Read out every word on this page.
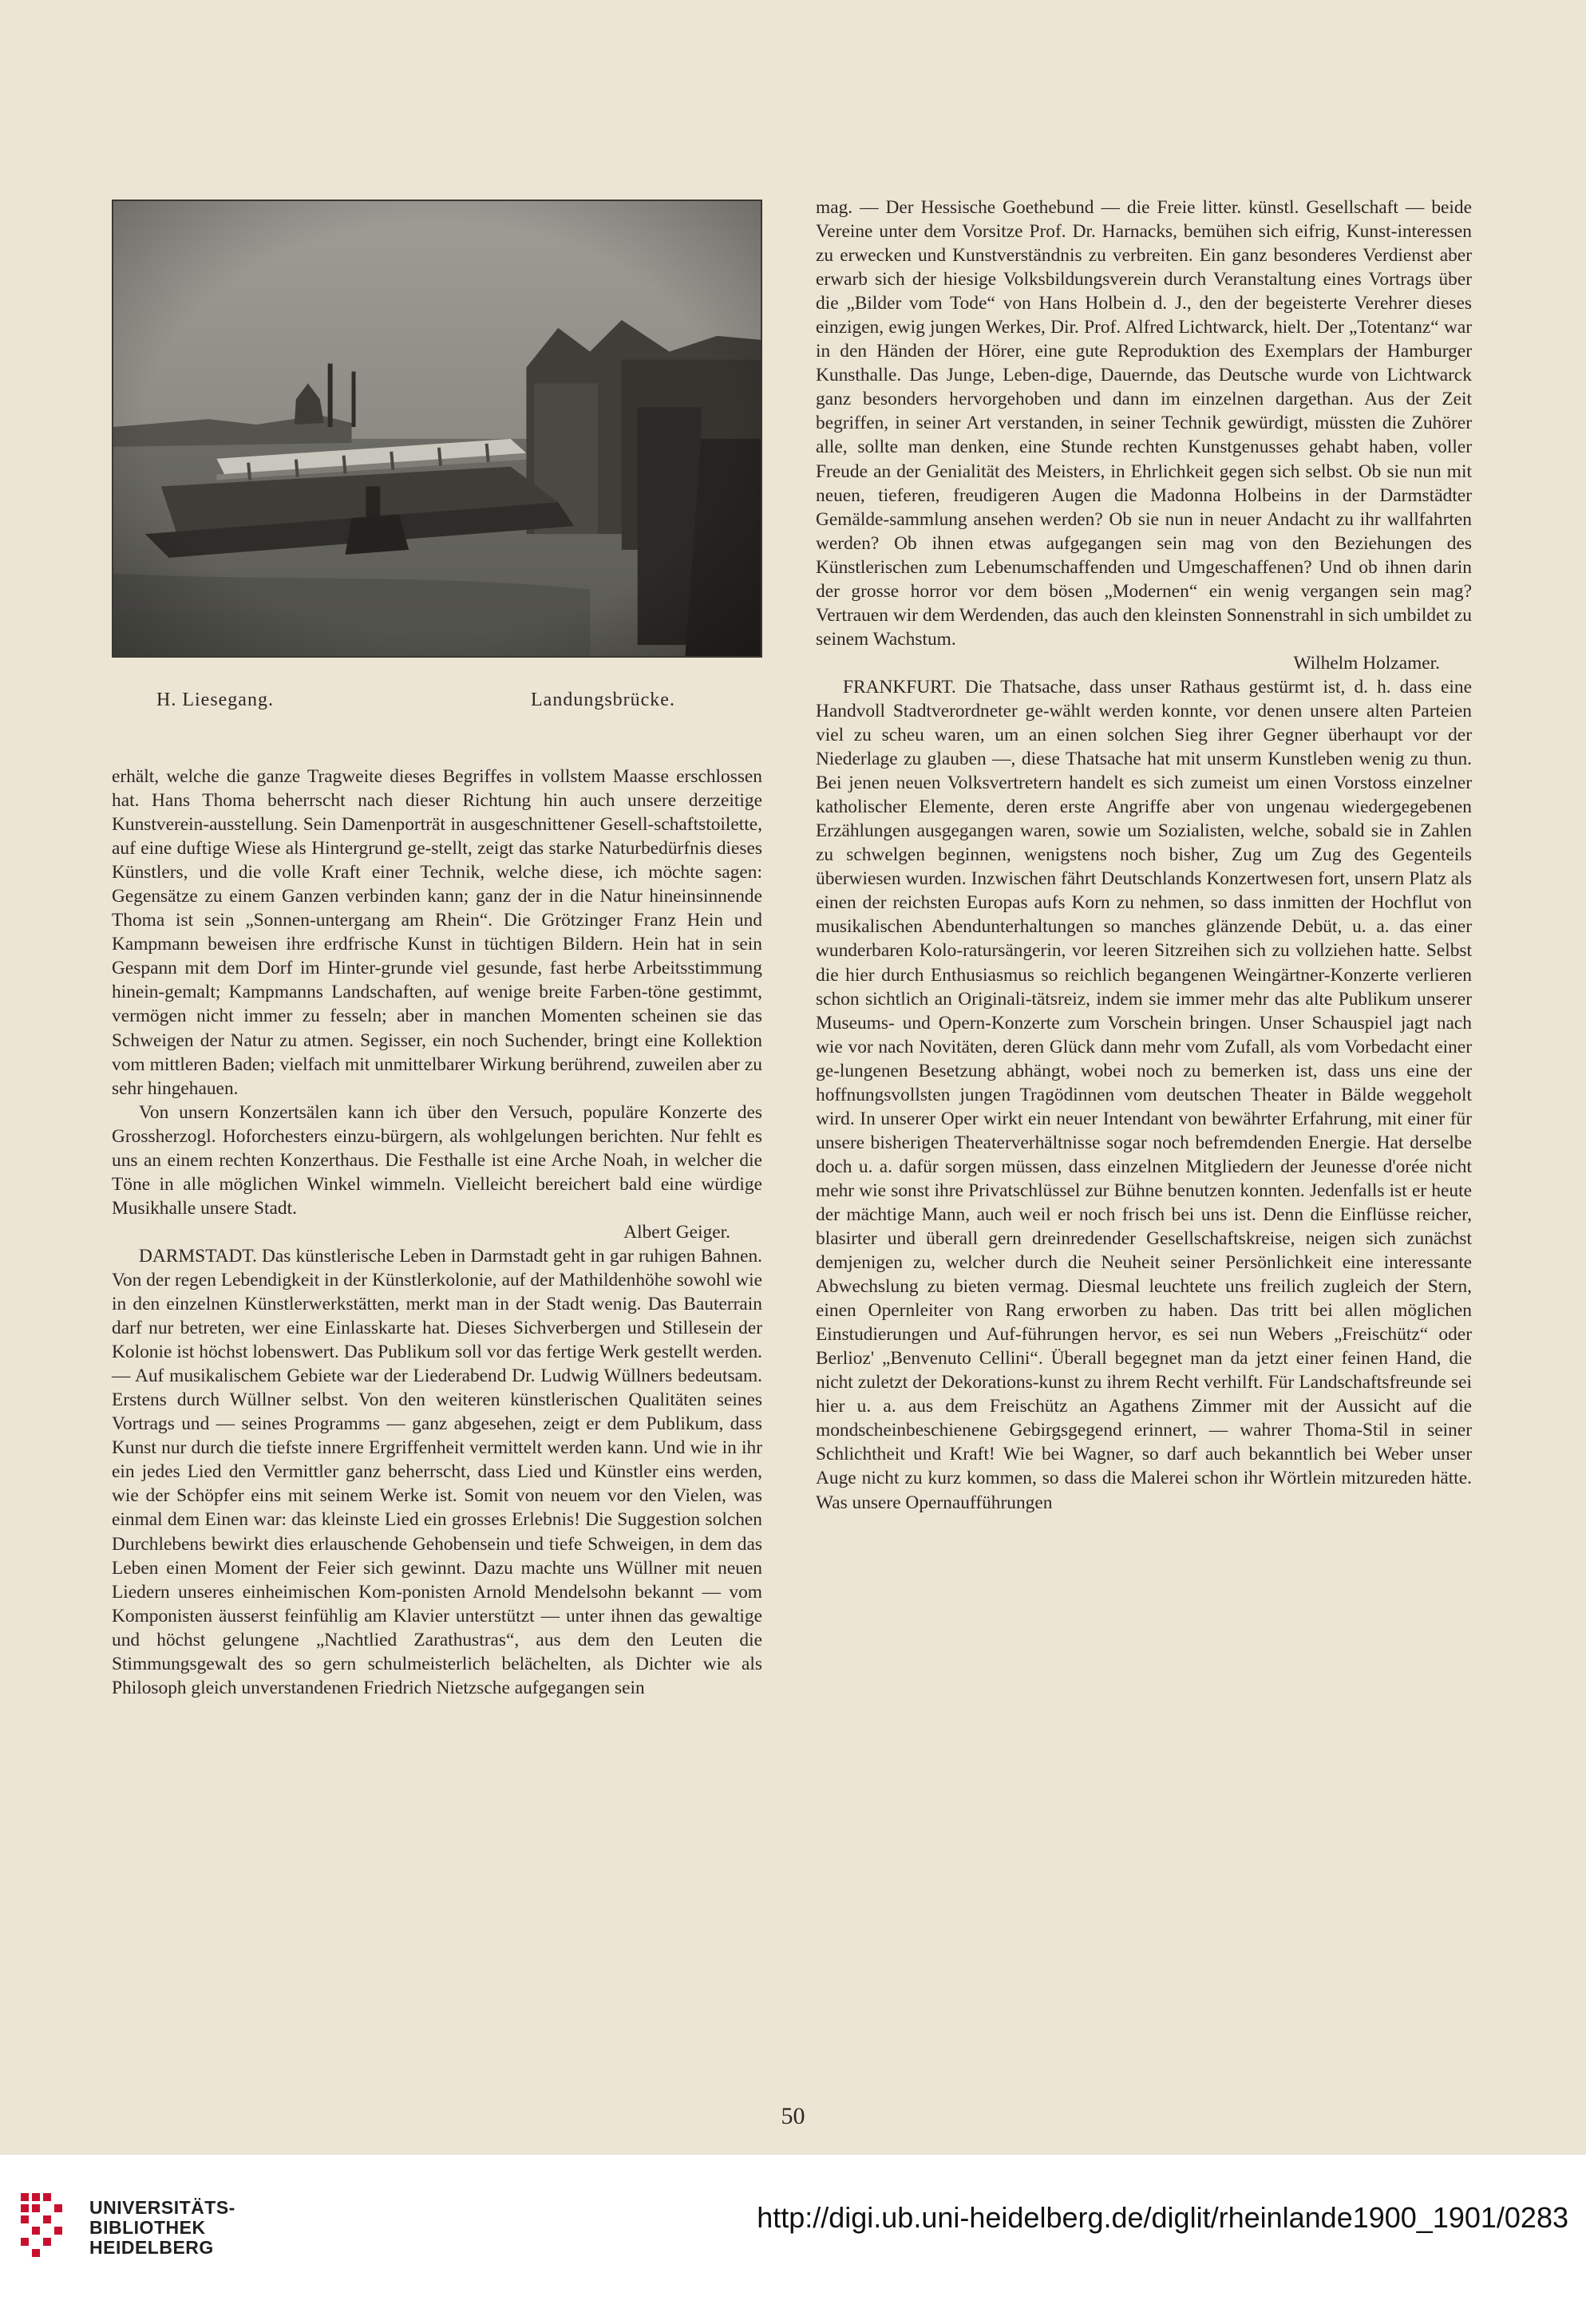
H. Liesegang.	Landungsbrücke.

erhält, welche die ganze Tragweite dieses Begriffes in vollstem Maasse erschlossen hat. Hans Thoma beherrscht nach dieser Richtung hin auch unsere derzeitige Kunstverein-ausstellung. Sein Damenporträt in ausgeschnittener Gesell-schaftstoilette, auf eine duftige Wiese als Hintergrund ge-stellt, zeigt das starke Naturbedürfnis dieses Künstlers, und die volle Kraft einer Technik, welche diese, ich möchte sagen: Gegensätze zu einem Ganzen verbinden kann; ganz der in die Natur hineinsinnende Thoma ist sein „Sonnen-untergang am Rhein“. Die Grötzinger Franz Hein und Kampmann beweisen ihre erdfrische Kunst in tüchtigen Bildern. Hein hat in sein Gespann mit dem Dorf im Hinter-grunde viel gesunde, fast herbe Arbeitsstimmung hinein-gemalt; Kampmanns Landschaften, auf wenige breite Farben-töne gestimmt, vermögen nicht immer zu fesseln; aber in manchen Momenten scheinen sie das Schweigen der Natur zu atmen. Segisser, ein noch Suchender, bringt eine Kollektion vom mittleren Baden; vielfach mit unmittelbarer Wirkung berührend, zuweilen aber zu sehr hingehauen.

Von unsern Konzertsälen kann ich über den Versuch, populäre Konzerte des Grossherzogl. Hoforchesters einzu-bürgern, als wohlgelungen berichten. Nur fehlt es uns an einem rechten Konzerthaus. Die Festhalle ist eine Arche Noah, in welcher die Töne in alle möglichen Winkel wimmeln. Vielleicht bereichert bald eine würdige Musikhalle unsere Stadt.

Albert Geiger.

DARMSTADT. Das künstlerische Leben in Darmstadt geht in gar ruhigen Bahnen. Von der regen Lebendigkeit in der Künstlerkolonie, auf der Mathildenhöhe sowohl wie in den einzelnen Künstlerwerkstätten, merkt man in der Stadt wenig. Das Bauterrain darf nur betreten, wer eine Einlasskarte hat. Dieses Sichverbergen und Stillesein der Kolonie ist höchst lobenswert. Das Publikum soll vor das fertige Werk gestellt werden. — Auf musikalischem Gebiete war der Liederabend Dr. Ludwig Wüllners bedeutsam. Erstens durch Wüllner selbst. Von den weiteren künstlerischen Qualitäten seines Vortrags und — seines Programms — ganz abgesehen, zeigt er dem Publikum, dass Kunst nur durch die tiefste innere Ergriffenheit vermittelt werden kann. Und wie in ihr ein jedes Lied den Vermittler ganz beherrscht, dass Lied und Künstler eins werden, wie der Schöpfer eins mit seinem Werke ist. Somit von neuem vor den Vielen, was einmal dem Einen war: das kleinste Lied ein grosses Erlebnis! Die Suggestion solchen Durchlebens bewirkt dies erlauschende Gehobensein und tiefe Schweigen, in dem das Leben einen Moment der Feier sich gewinnt. Dazu machte uns Wüllner mit neuen Liedern unseres einheimischen Kom-ponisten Arnold Mendelsohn bekannt — vom Komponisten äusserst feinfühlig am Klavier unterstützt — unter ihnen das gewaltige und höchst gelungene „Nachtlied Zarathustras“, aus dem den Leuten die Stimmungsgewalt des so gern schulmeisterlich belächelten, als Dichter wie als Philosoph gleich unverstandenen Friedrich Nietzsche aufgegangen sein

mag. — Der Hessische Goethebund — die Freie litter. künstl. Gesellschaft — beide Vereine unter dem Vorsitze Prof. Dr. Harnacks, bemühen sich eifrig, Kunst-interessen zu erwecken und Kunstverständnis zu verbreiten. Ein ganz besonderes Verdienst aber erwarb sich der hiesige Volksbildungsverein durch Veranstaltung eines Vortrags über die „Bilder vom Tode“ von Hans Holbein d. J., den der begeisterte Verehrer dieses einzigen, ewig jungen Werkes, Dir. Prof. Alfred Lichtwarck, hielt. Der „Totentanz“ war in den Händen der Hörer, eine gute Reproduktion des Exemplars der Hamburger Kunsthalle. Das Junge, Leben-dige, Dauernde, das Deutsche wurde von Lichtwarck ganz besonders hervorgehoben und dann im einzelnen dargethan. Aus der Zeit begriffen, in seiner Art verstanden, in seiner Technik gewürdigt, müssten die Zuhörer alle, sollte man denken, eine Stunde rechten Kunstgenusses gehabt haben, voller Freude an der Genialität des Meisters, in Ehrlichkeit gegen sich selbst. Ob sie nun mit neuen, tieferen, freudigeren Augen die Madonna Holbeins in der Darmstädter Gemälde-sammlung ansehen werden? Ob sie nun in neuer Andacht zu ihr wallfahrten werden? Ob ihnen etwas aufgegangen sein mag von den Beziehungen des Künstlerischen zum Lebenumschaffenden und Umgeschaffenen? Und ob ihnen darin der grosse horror vor dem bösen „Modernen“ ein wenig vergangen sein mag? Vertrauen wir dem Werdenden, das auch den kleinsten Sonnenstrahl in sich umbildet zu seinem Wachstum.

Wilhelm Holzamer.

FRANKFURT. Die Thatsache, dass unser Rathaus gestürmt ist, d. h. dass eine Handvoll Stadtverordneter ge-wählt werden konnte, vor denen unsere alten Parteien viel zu scheu waren, um an einen solchen Sieg ihrer Gegner überhaupt vor der Niederlage zu glauben —, diese Thatsache hat mit unserm Kunstleben wenig zu thun. Bei jenen neuen Volksvertretern handelt es sich zumeist um einen Vorstoss einzelner katholischer Elemente, deren erste Angriffe aber von ungenau wiedergegebenen Erzählungen ausgegangen waren, sowie um Sozialisten, welche, sobald sie in Zahlen zu schwelgen beginnen, wenigstens noch bisher, Zug um Zug des Gegenteils überwiesen wurden. Inzwischen fährt Deutschlands Konzertwesen fort, unsern Platz als einen der reichsten Europas aufs Korn zu nehmen, so dass inmitten der Hochflut von musikalischen Abendunterhaltungen so manches glänzende Debüt, u. a. das einer wunderbaren Kolo-ratursängerin, vor leeren Sitzreihen sich zu vollziehen hatte. Selbst die hier durch Enthusiasmus so reichlich begangenen Weingärtner-Konzerte verlieren schon sichtlich an Originali-tätsreiz, indem sie immer mehr das alte Publikum unserer Museums- und Opern-Konzerte zum Vorschein bringen. Unser Schauspiel jagt nach wie vor nach Novitäten, deren Glück dann mehr vom Zufall, als vom Vorbedacht einer ge-lungenen Besetzung abhängt, wobei noch zu bemerken ist, dass uns eine der hoffnungsvollsten jungen Tragödinnen vom deutschen Theater in Bälde weggeholt wird. In unserer Oper wirkt ein neuer Intendant von bewährter Erfahrung, mit einer für unsere bisherigen Theaterverhältnisse sogar noch befremdenden Energie. Hat derselbe doch u. a. dafür sorgen müssen, dass einzelnen Mitgliedern der Jeunesse d'orée nicht mehr wie sonst ihre Privatschlüssel zur Bühne benutzen konnten. Jedenfalls ist er heute der mächtige Mann, auch weil er noch frisch bei uns ist. Denn die Einflüsse reicher, blasirter und überall gern dreinredender Gesellschaftskreise, neigen sich zunächst demjenigen zu, welcher durch die Neuheit seiner Persönlichkeit eine interessante Abwechslung zu bieten vermag. Diesmal leuchtete uns freilich zugleich der Stern, einen Opernleiter von Rang erworben zu haben. Das tritt bei allen möglichen Einstudierungen und Auf-führungen hervor, es sei nun Webers „Freischütz“ oder Berlioz' „Benvenuto Cellini“. Überall begegnet man da jetzt einer feinen Hand, die nicht zuletzt der Dekorations-kunst zu ihrem Recht verhilft. Für Landschaftsfreunde sei hier u. a. aus dem Freischütz an Agathens Zimmer mit der Aussicht auf die mondscheinbeschienene Gebirgsgegend erinnert, — wahrer Thoma-Stil in seiner Schlichtheit und Kraft! Wie bei Wagner, so darf auch bekanntlich bei Weber unser Auge nicht zu kurz kommen, so dass die Malerei schon ihr Wörtlein mitzureden hätte. Was unsere Opernaufführungen

50
UNIVERSITÄTS-
BIBLIOTHEK
HEIDELBERG
http://digi.ub.uni-heidelberg.de/diglit/rheinlande1900_1901/0283
